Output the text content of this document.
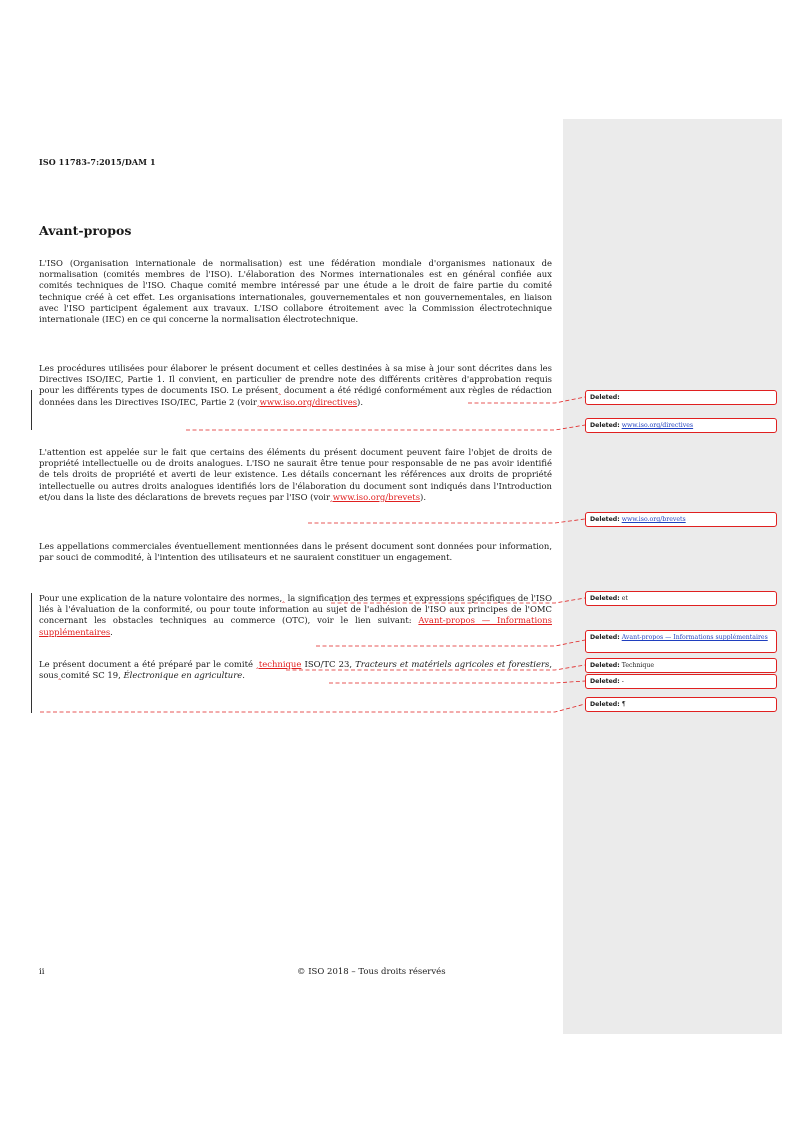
ISO 11783-7:2015/DAM 1
Avant-propos

L'ISO (Organisation internationale de normalisation) est une fédération mondiale d'organismes nationaux de normalisation (comités membres de l'ISO). L'élaboration des Normes internationales est en général confiée aux comités techniques de l'ISO. Chaque comité membre intéressé par une étude a le droit de faire partie du comité technique créé à cet effet. Les organisations internationales, gouvernementales et non gouvernementales, en liaison avec l'ISO participent également aux travaux. L'ISO collabore étroitement avec la Commission électrotechnique internationale (IEC) en ce qui concerne la normalisation électrotechnique.

Les procédures utilisées pour élaborer le présent document et celles destinées à sa mise à jour sont décrites dans les Directives ISO/IEC, Partie 1. Il convient, en particulier de prendre note des différents critères d'approbation requis pour les différents types de documents ISO. Le présent‸ document a été rédigé conformément aux règles de rédaction données dans les Directives ISO/IEC, Partie 2 (voir‸www.iso.org/directives).

L'attention est appelée sur le fait que certains des éléments du présent document peuvent faire l'objet de droits de propriété intellectuelle ou de droits analogues. L'ISO ne saurait être tenue pour responsable de ne pas avoir identifié de tels droits de propriété et averti de leur existence. Les détails concernant les références aux droits de propriété intellectuelle ou autres droits analogues identifiés lors de l'élaboration du document sont indiqués dans l'Introduction et/ou dans la liste des déclarations de brevets reçues par l'ISO (voir‸www.iso.org/brevets).

Les appellations commerciales éventuellement mentionnées dans le présent document sont données pour information, par souci de commodité, à l'intention des utilisateurs et ne sauraient constituer un engagement.

Pour une explication de la nature volontaire des normes,‸ la signification des termes et expressions spécifiques de l'ISO liés à l'évaluation de la conformité, ou pour toute information au sujet de l'adhésion de l'ISO aux principes de l'OMC concernant les obstacles techniques au commerce (OTC), voir le lien suivant: Avant-propos — Informations supplémentaires.

Le présent document a été préparé par le comité ‸technique ISO/TC 23, Tracteurs et matériels agricoles et forestiers, sous‸comité SC 19, Électronique en agriculture.

Deleted:
Deleted: www.iso.org/directives
Deleted: www.iso.org/brevets
Deleted: et
Deleted: Avant-propos — Informations supplémentaires
Deleted: Technique
Deleted: -
Deleted: ¶
ii	© ISO 2018 – Tous droits réservés
